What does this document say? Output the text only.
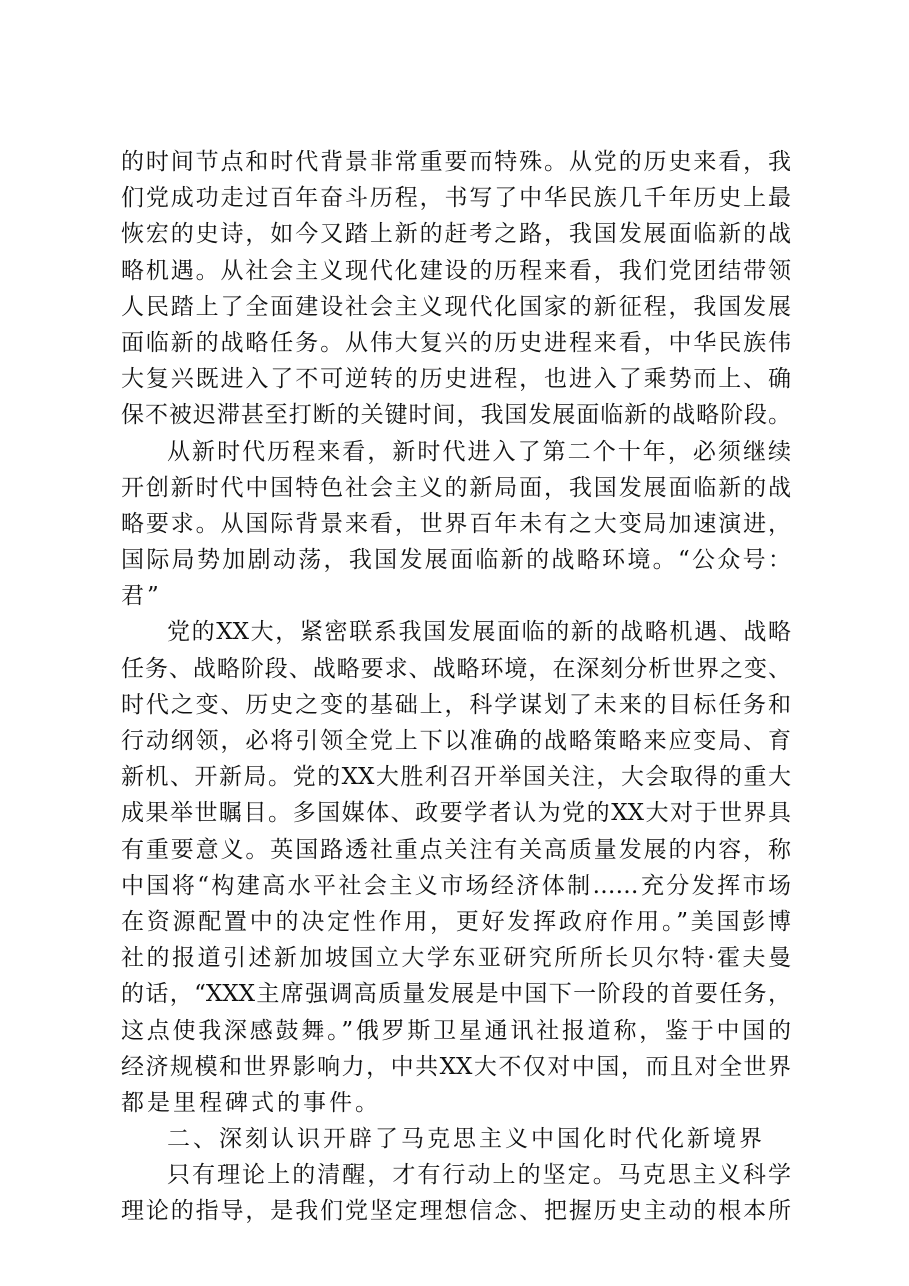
的时间节点和时代背景非常重要而特殊。从党的历史来看，我
们党成功走过百年奋斗历程，书写了中华民族几千年历史上最
恢宏的史诗，如今又踏上新的赶考之路，我国发展面临新的战
略机遇。从社会主义现代化建设的历程来看，我们党团结带领
人民踏上了全面建设社会主义现代化国家的新征程，我国发展
面临新的战略任务。从伟大复兴的历史进程来看，中华民族伟
大复兴既进入了不可逆转的历史进程，也进入了乘势而上、确
保不被迟滞甚至打断的关键时间，我国发展面临新的战略阶段。
从新时代历程来看，新时代进入了第二个十年，必须继续
开创新时代中国特色社会主义的新局面，我国发展面临新的战
略要求。从国际背景来看，世界百年未有之大变局加速演进，
国际局势加剧动荡，我国发展面临新的战略环境。“公众号：
君”
党的XX大，紧密联系我国发展面临的新的战略机遇、战略
任务、战略阶段、战略要求、战略环境，在深刻分析世界之变、
时代之变、历史之变的基础上，科学谋划了未来的目标任务和
行动纲领，必将引领全党上下以准确的战略策略来应变局、育
新机、开新局。党的XX大胜利召开举国关注，大会取得的重大
成果举世瞩目。多国媒体、政要学者认为党的XX大对于世界具
有重要意义。英国路透社重点关注有关高质量发展的内容，称
中国将“构建高水平社会主义市场经济体制……充分发挥市场
在资源配置中的决定性作用，更好发挥政府作用。”美国彭博
社的报道引述新加坡国立大学东亚研究所所长贝尔特·霍夫曼
的话，“XXX主席强调高质量发展是中国下一阶段的首要任务，
这点使我深感鼓舞。”俄罗斯卫星通讯社报道称，鉴于中国的
经济规模和世界影响力，中共XX大不仅对中国，而且对全世界
都是里程碑式的事件。
二、深刻认识开辟了马克思主义中国化时代化新境界
只有理论上的清醒，才有行动上的坚定。马克思主义科学
理论的指导，是我们党坚定理想信念、把握历史主动的根本所
